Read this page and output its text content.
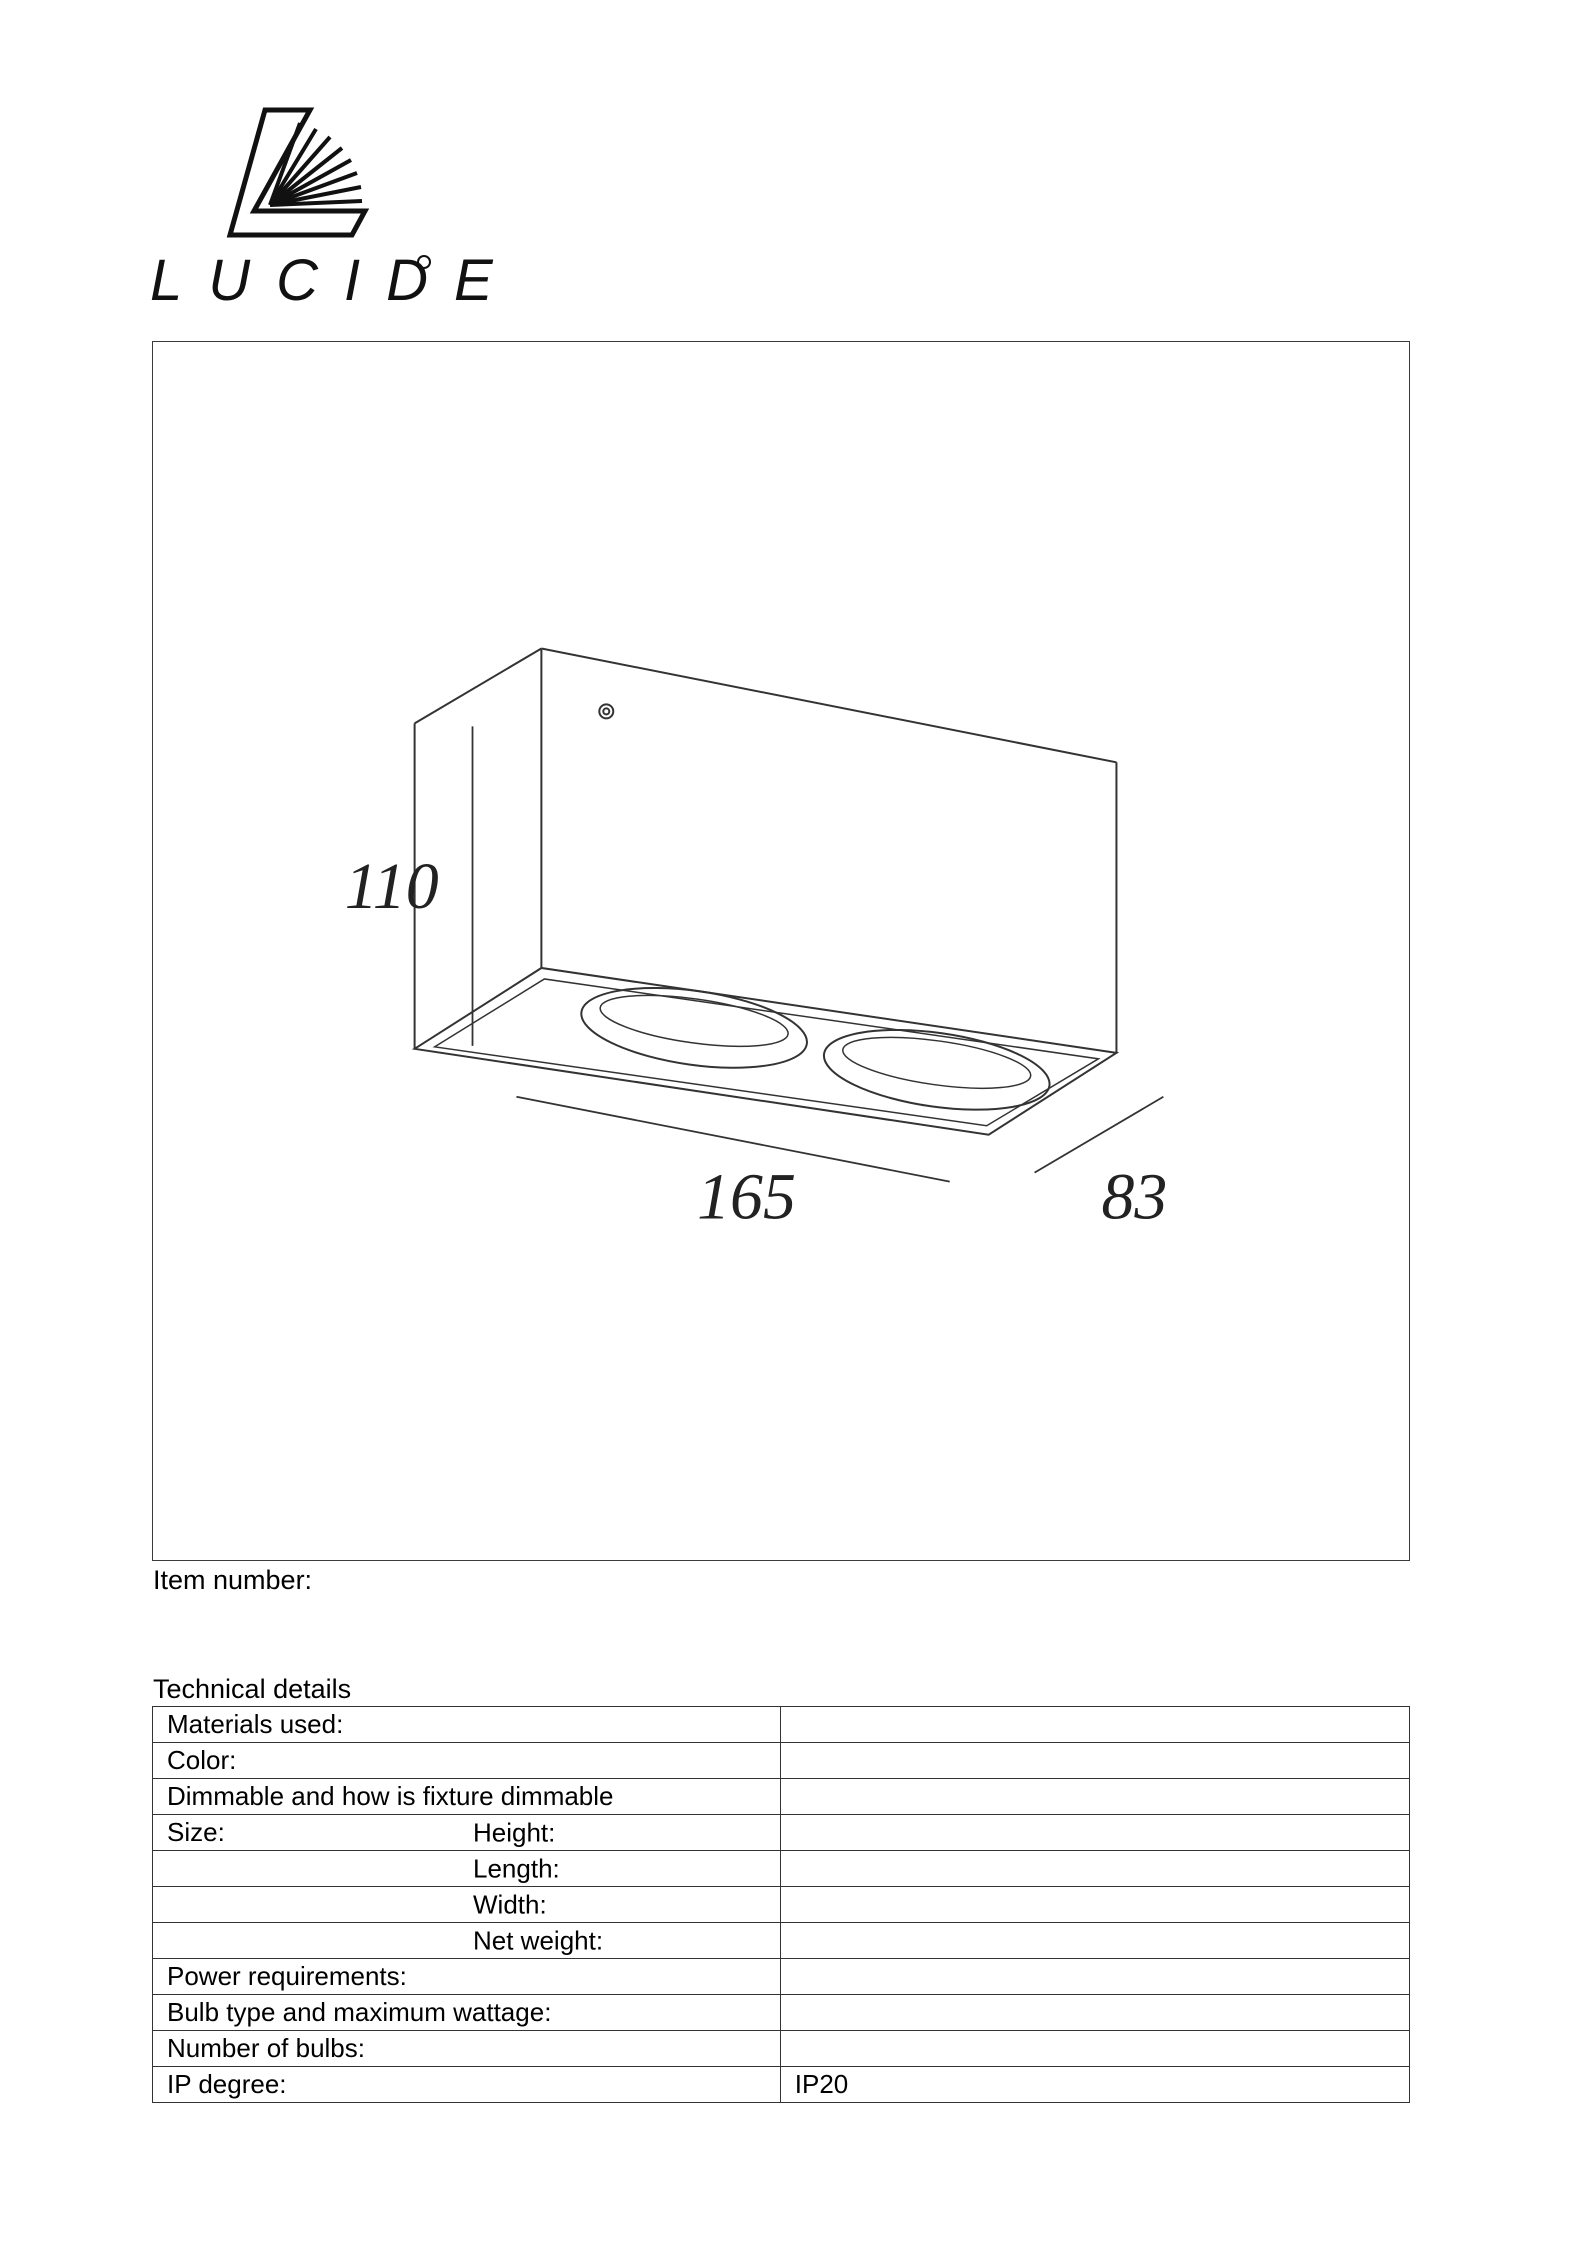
LUCIDE
110
165	83
Item number:
Technical details
Materials used:	
Color:	
Dimmable and how is fixture dimmable	
Size: Height:	

Length:	

Width:	

Net weight:	

Power requirements:	
Bulb type and maximum wattage:	
Number of bulbs:	
IP degree:	IP20
